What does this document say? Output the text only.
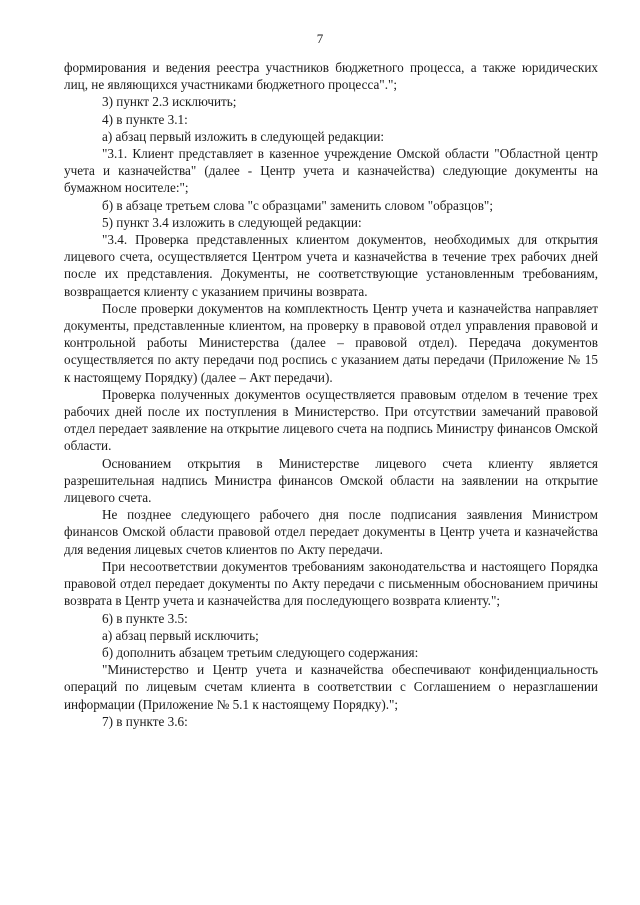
7

формирования и ведения реестра участников бюджетного процесса, а также юридических лиц, не являющихся участниками бюджетного процесса".";

3) пункт 2.3 исключить;

4) в пункте 3.1:

а) абзац первый изложить в следующей редакции:

"3.1. Клиент представляет в казенное учреждение Омской области "Областной центр учета и казначейства" (далее - Центр учета и казначейства) следующие документы на бумажном носителе:";

б) в абзаце третьем слова "с образцами" заменить словом "образцов";

5) пункт 3.4 изложить в следующей редакции:

"3.4. Проверка представленных клиентом документов, необходимых для открытия лицевого счета, осуществляется Центром учета и казначейства в течение трех рабочих дней после их представления. Документы, не соответствующие установленным требованиям, возвращается клиенту с указанием причины возврата.

После проверки документов на комплектность Центр учета и казначейства направляет документы, представленные клиентом, на проверку в правовой отдел управления правовой и контрольной работы Министерства (далее – правовой отдел). Передача документов осуществляется по акту передачи под роспись с указанием даты передачи (Приложение № 15 к настоящему Порядку) (далее – Акт передачи).

Проверка полученных документов осуществляется правовым отделом в течение трех рабочих дней после их поступления в Министерство. При отсутствии замечаний правовой отдел передает заявление на открытие лицевого счета на подпись Министру финансов Омской области.

Основанием открытия в Министерстве лицевого счета клиенту является разрешительная надпись Министра финансов Омской области на заявлении на открытие лицевого счета.

Не позднее следующего рабочего дня после подписания заявления Министром финансов Омской области правовой отдел передает документы в Центр учета и казначейства для ведения лицевых счетов клиентов по Акту передачи.

При несоответствии документов требованиям законодательства и настоящего Порядка правовой отдел передает документы по Акту передачи с письменным обоснованием причины возврата в Центр учета и казначейства для последующего возврата клиенту.";

6) в пункте 3.5:

а) абзац первый исключить;

б) дополнить абзацем третьим следующего содержания:

"Министерство и Центр учета и казначейства обеспечивают конфиденциальность операций по лицевым счетам клиента в соответствии с Соглашением о неразглашении информации (Приложение № 5.1 к настоящему Порядку).";

7) в пункте 3.6:
